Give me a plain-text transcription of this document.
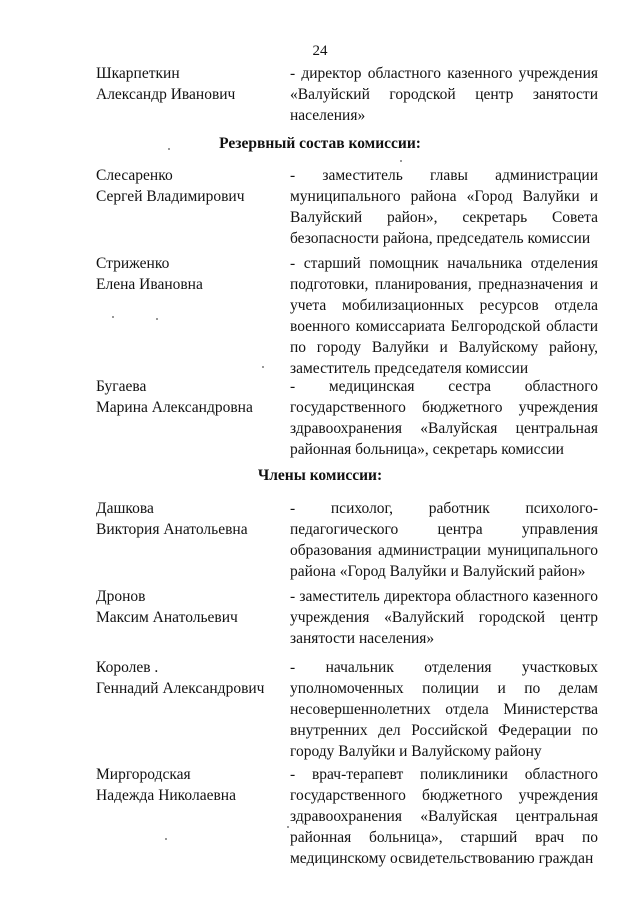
24
Шкарпеткин
Александр Иванович
- директор областного казенного учреждения «Валуйский городской центр занятости населения»
Резервный состав комиссии:
Слесаренко
Сергей Владимирович
- заместитель главы администрации муниципального района «Город Валуйки и Валуйский район», секретарь Совета безопасности района, председатель комиссии
Стриженко
Елена Ивановна
- старший помощник начальника отделения подготовки, планирования, предназначения и учета мобилизационных ресурсов отдела военного комиссариата Белгородской области по городу Валуйки и Валуйскому району, заместитель председателя комиссии
Бугаева
Марина Александровна
- медицинская сестра областного государственного бюджетного учреждения здравоохранения «Валуйская центральная районная больница», секретарь комиссии
Члены комиссии:
Дашкова
Виктория Анатольевна
- психолог, работник психолого-педагогического центра управления образования администрации муниципального района «Город Валуйки и Валуйский район»
Дронов
Максим Анатольевич
- заместитель директора областного казенного учреждения «Валуйский городской центр занятости населения»
Королев .
Геннадий Александрович
- начальник отделения участковых уполномоченных полиции и по делам несовершеннолетних отдела Министерства внутренних дел Российской Федерации по городу Валуйки и Валуйскому району
Миргородская
Надежда Николаевна
- врач-терапевт поликлиники областного государственного бюджетного учреждения здравоохранения «Валуйская центральная районная больница», старший врач по медицинскому освидетельствованию граждан
